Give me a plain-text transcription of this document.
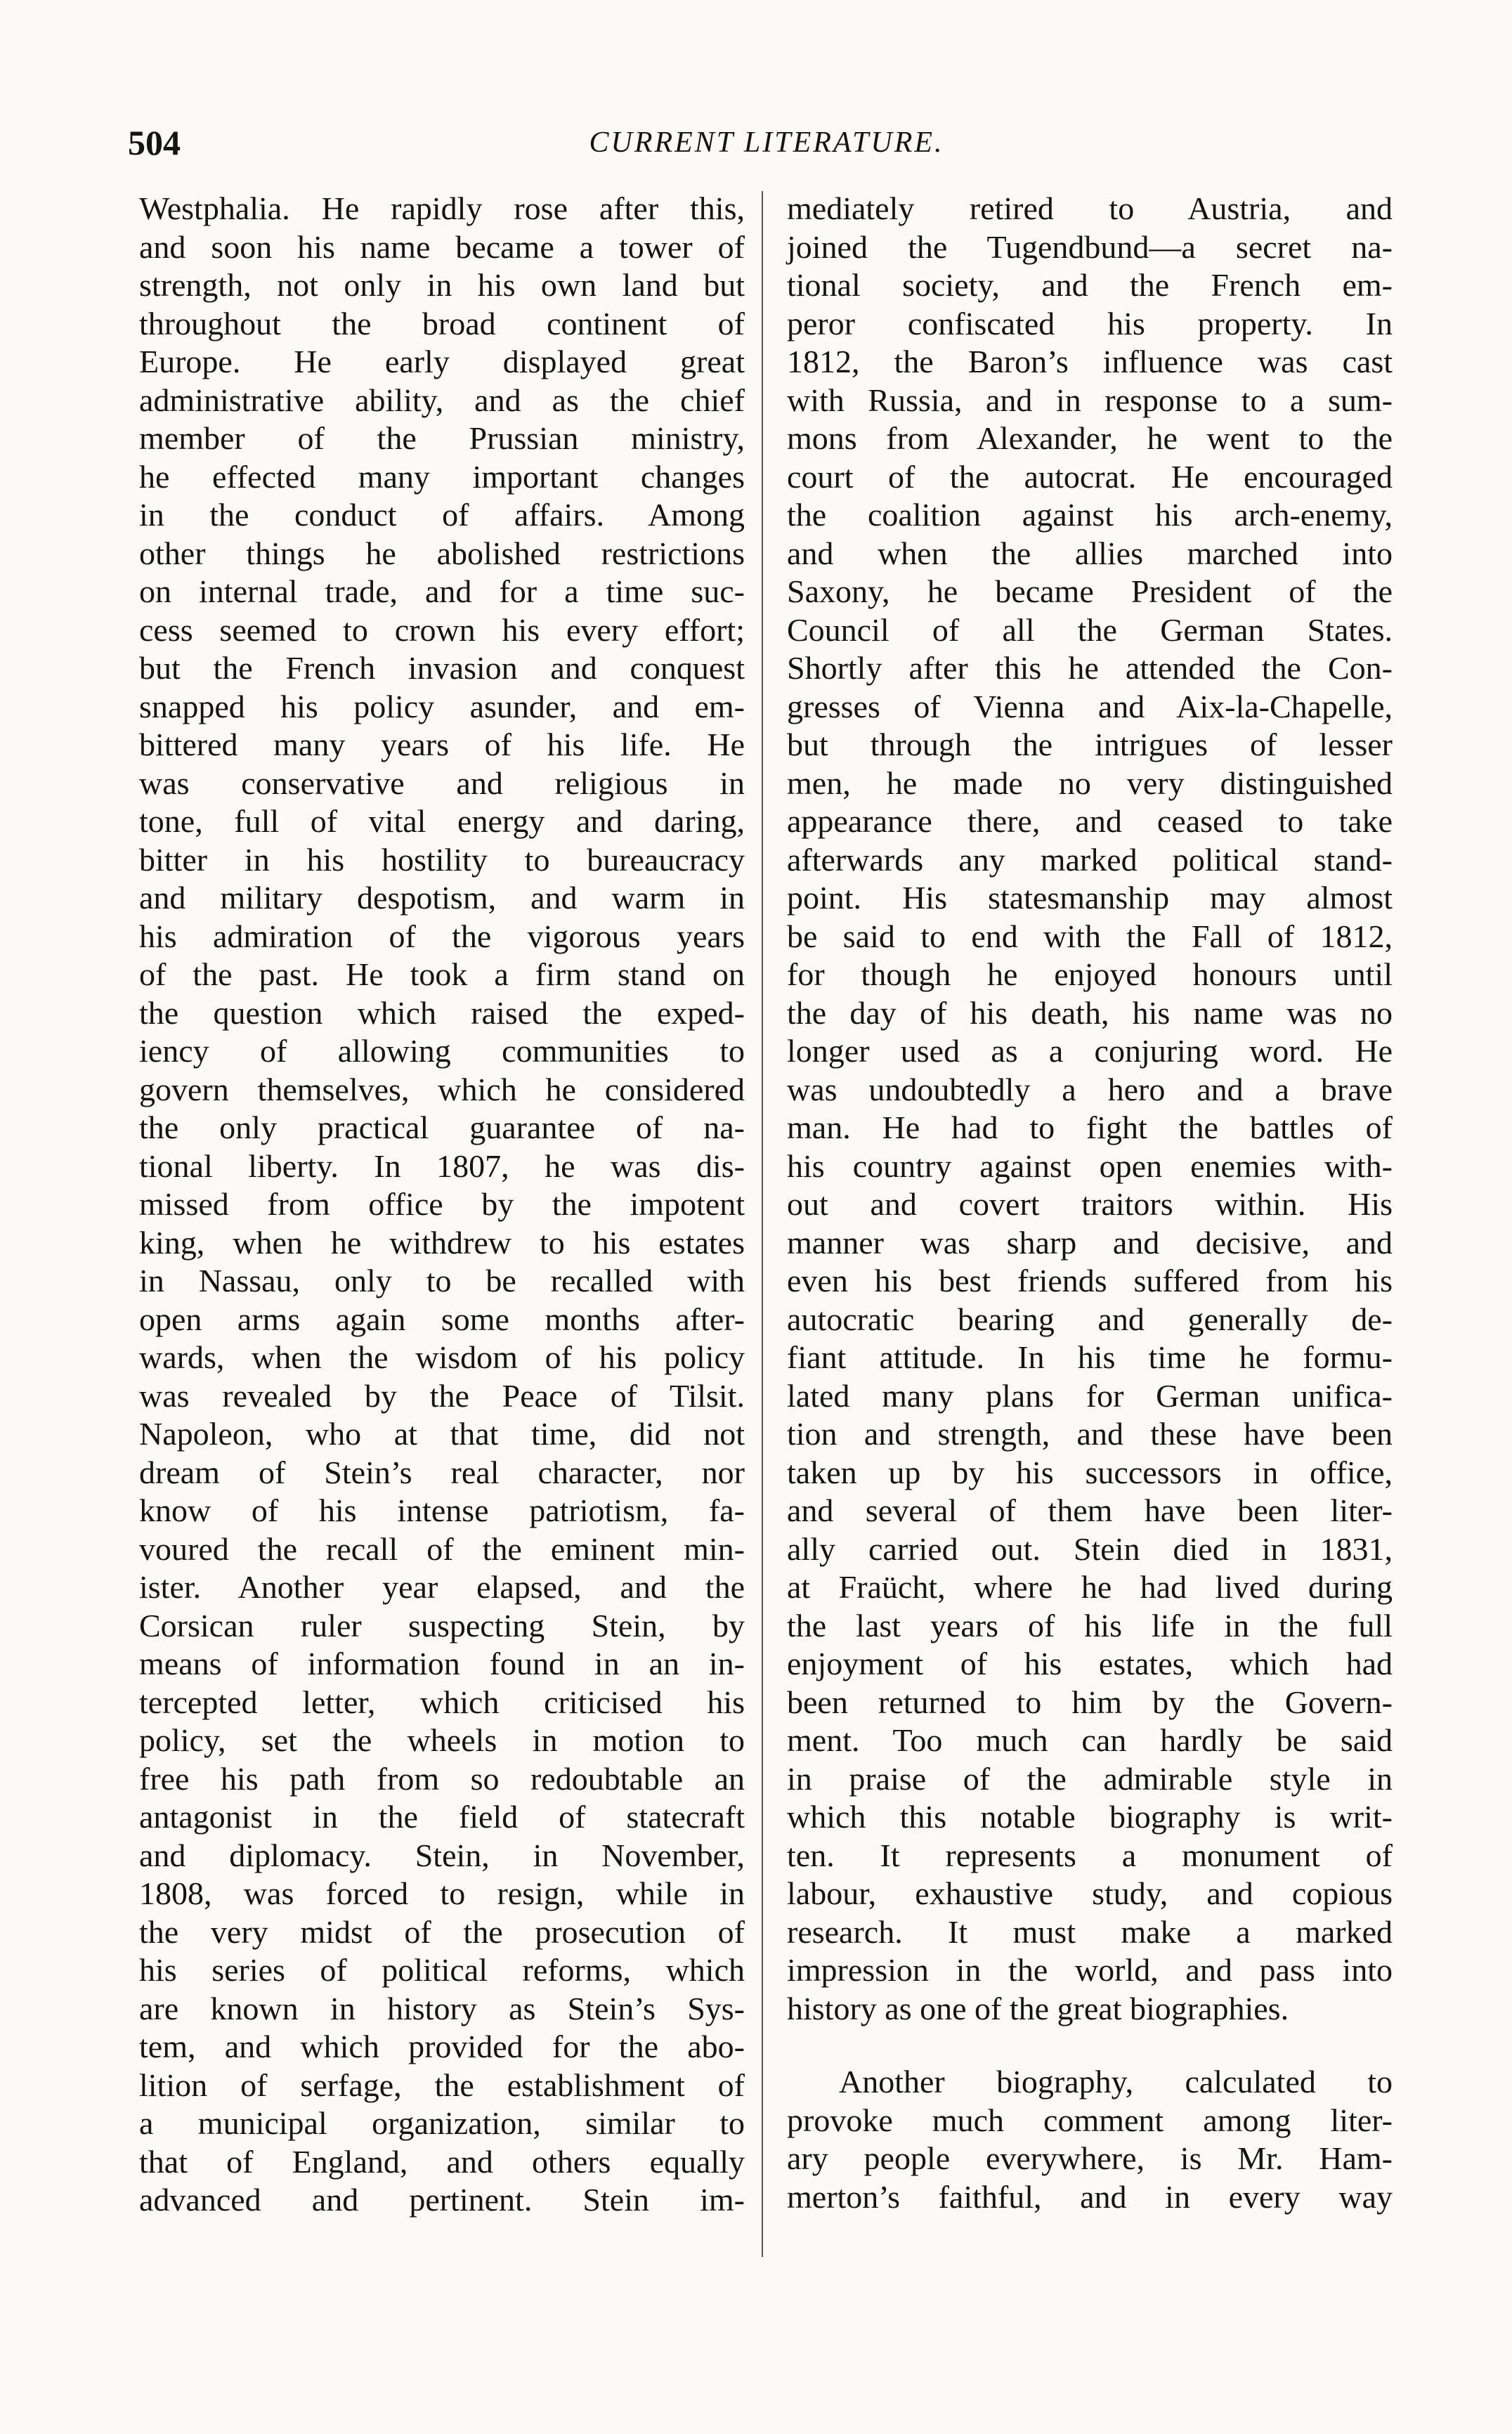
504	CURRENT LITERATURE.
Westphalia. He rapidly rose after this,
and soon his name became a tower of
strength, not only in his own land but
throughout the broad continent of
Europe. He early displayed great
administrative ability, and as the chief
member of the Prussian ministry,
he effected many important changes
in the conduct of affairs. Among
other things he abolished restrictions
on internal trade, and for a time suc-
cess seemed to crown his every effort;
but the French invasion and conquest
snapped his policy asunder, and em-
bittered many years of his life. He
was conservative and religious in
tone, full of vital energy and daring,
bitter in his hostility to bureaucracy
and military despotism, and warm in
his admiration of the vigorous years
of the past. He took a firm stand on
the question which raised the exped-
iency of allowing communities to
govern themselves, which he considered
the only practical guarantee of na-
tional liberty. In 1807, he was dis-
missed from office by the impotent
king, when he withdrew to his estates
in Nassau, only to be recalled with
open arms again some months after-
wards, when the wisdom of his policy
was revealed by the Peace of Tilsit.
Napoleon, who at that time, did not
dream of Stein’s real character, nor
know of his intense patriotism, fa-
voured the recall of the eminent min-
ister. Another year elapsed, and the
Corsican ruler suspecting Stein, by
means of information found in an in-
tercepted letter, which criticised his
policy, set the wheels in motion to
free his path from so redoubtable an
antagonist in the field of statecraft
and diplomacy. Stein, in November,
1808, was forced to resign, while in
the very midst of the prosecution of
his series of political reforms, which
are known in history as Stein’s Sys-
tem, and which provided for the abo-
lition of serfage, the establishment of
a municipal organization, similar to
that of England, and others equally
advanced and pertinent. Stein im-
mediately retired to Austria, and
joined the Tugendbund—a secret na-
tional society, and the French em-
peror confiscated his property. In
1812, the Baron’s influence was cast
with Russia, and in response to a sum-
mons from Alexander, he went to the
court of the autocrat. He encouraged
the coalition against his arch-enemy,
and when the allies marched into
Saxony, he became President of the
Council of all the German States.
Shortly after this he attended the Con-
gresses of Vienna and Aix-la-Chapelle,
but through the intrigues of lesser
men, he made no very distinguished
appearance there, and ceased to take
afterwards any marked political stand-
point. His statesmanship may almost
be said to end with the Fall of 1812,
for though he enjoyed honours until
the day of his death, his name was no
longer used as a conjuring word. He
was undoubtedly a hero and a brave
man. He had to fight the battles of
his country against open enemies with-
out and covert traitors within. His
manner was sharp and decisive, and
even his best friends suffered from his
autocratic bearing and generally de-
fiant attitude. In his time he formu-
lated many plans for German unifica-
tion and strength, and these have been
taken up by his successors in office,
and several of them have been liter-
ally carried out. Stein died in 1831,
at Fraücht, where he had lived during
the last years of his life in the full
enjoyment of his estates, which had
been returned to him by the Govern-
ment. Too much can hardly be said
in praise of the admirable style in
which this notable biography is writ-
ten. It represents a monument of
labour, exhaustive study, and copious
research. It must make a marked
impression in the world, and pass into
history as one of the great biographies.
Another biography, calculated to
provoke much comment among liter-
ary people everywhere, is Mr. Ham-
merton’s faithful, and in every way
